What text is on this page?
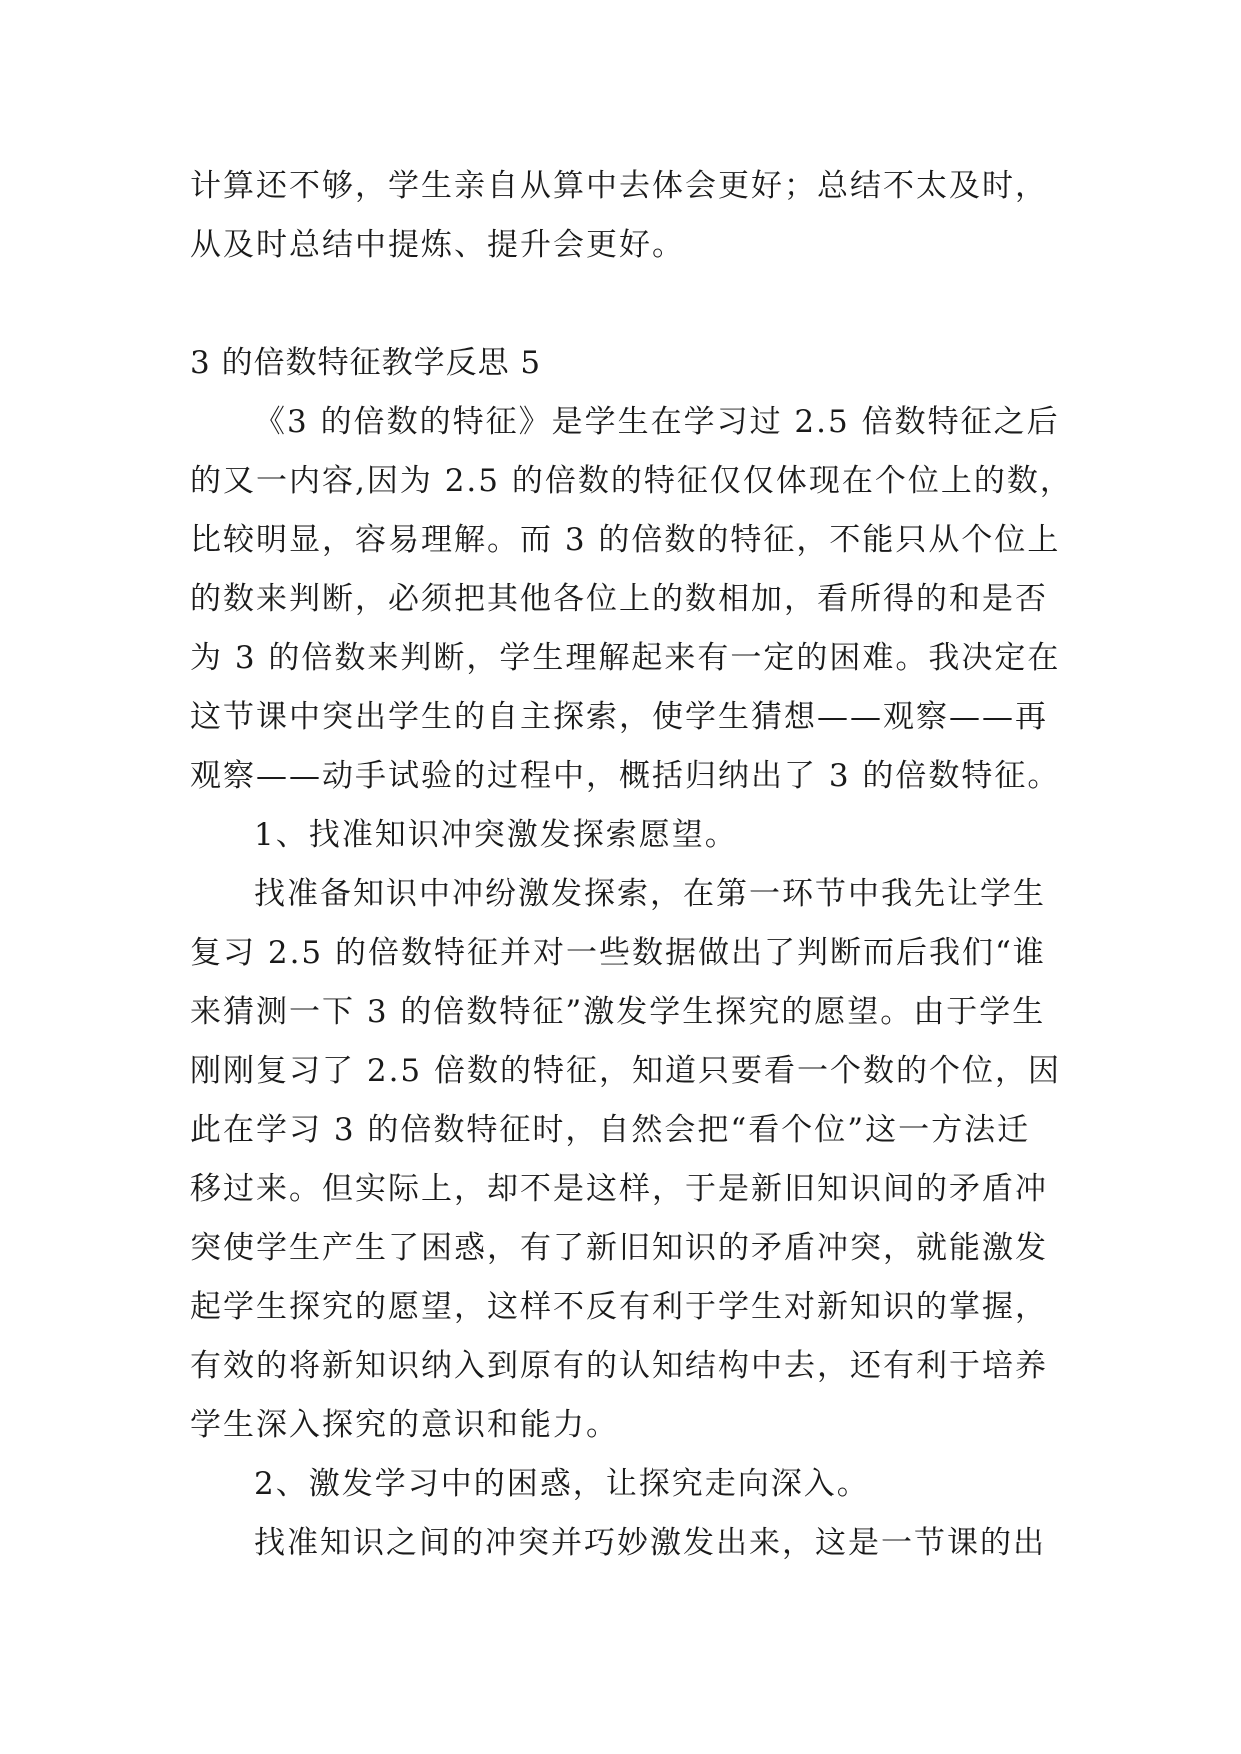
计算还不够，学生亲自从算中去体会更好；总结不太及时，
从及时总结中提炼、提升会更好。
3 的倍数特征教学反思 5
《3 的倍数的特征》是学生在学习过 2.5 倍数特征之后
的又一内容,因为 2.5 的倍数的特征仅仅体现在个位上的数，
比较明显，容易理解。而 3 的倍数的特征，不能只从个位上
的数来判断，必须把其他各位上的数相加，看所得的和是否
为 3 的倍数来判断，学生理解起来有一定的困难。我决定在
这节课中突出学生的自主探索，使学生猜想——观察——再
观察——动手试验的过程中，概括归纳出了 3 的倍数特征。
1、找准知识冲突激发探索愿望。
找准备知识中冲纷激发探索，在第一环节中我先让学生
复习 2.5 的倍数特征并对一些数据做出了判断而后我们“谁
来猜测一下 3 的倍数特征”激发学生探究的愿望。由于学生
刚刚复习了 2.5 倍数的特征，知道只要看一个数的个位，因
此在学习 3 的倍数特征时，自然会把“看个位”这一方法迁
移过来。但实际上，却不是这样，于是新旧知识间的矛盾冲
突使学生产生了困惑，有了新旧知识的矛盾冲突，就能激发
起学生探究的愿望，这样不反有利于学生对新知识的掌握，
有效的将新知识纳入到原有的认知结构中去，还有利于培养
学生深入探究的意识和能力。
2、激发学习中的困惑，让探究走向深入。
找准知识之间的冲突并巧妙激发出来，这是一节课的出
